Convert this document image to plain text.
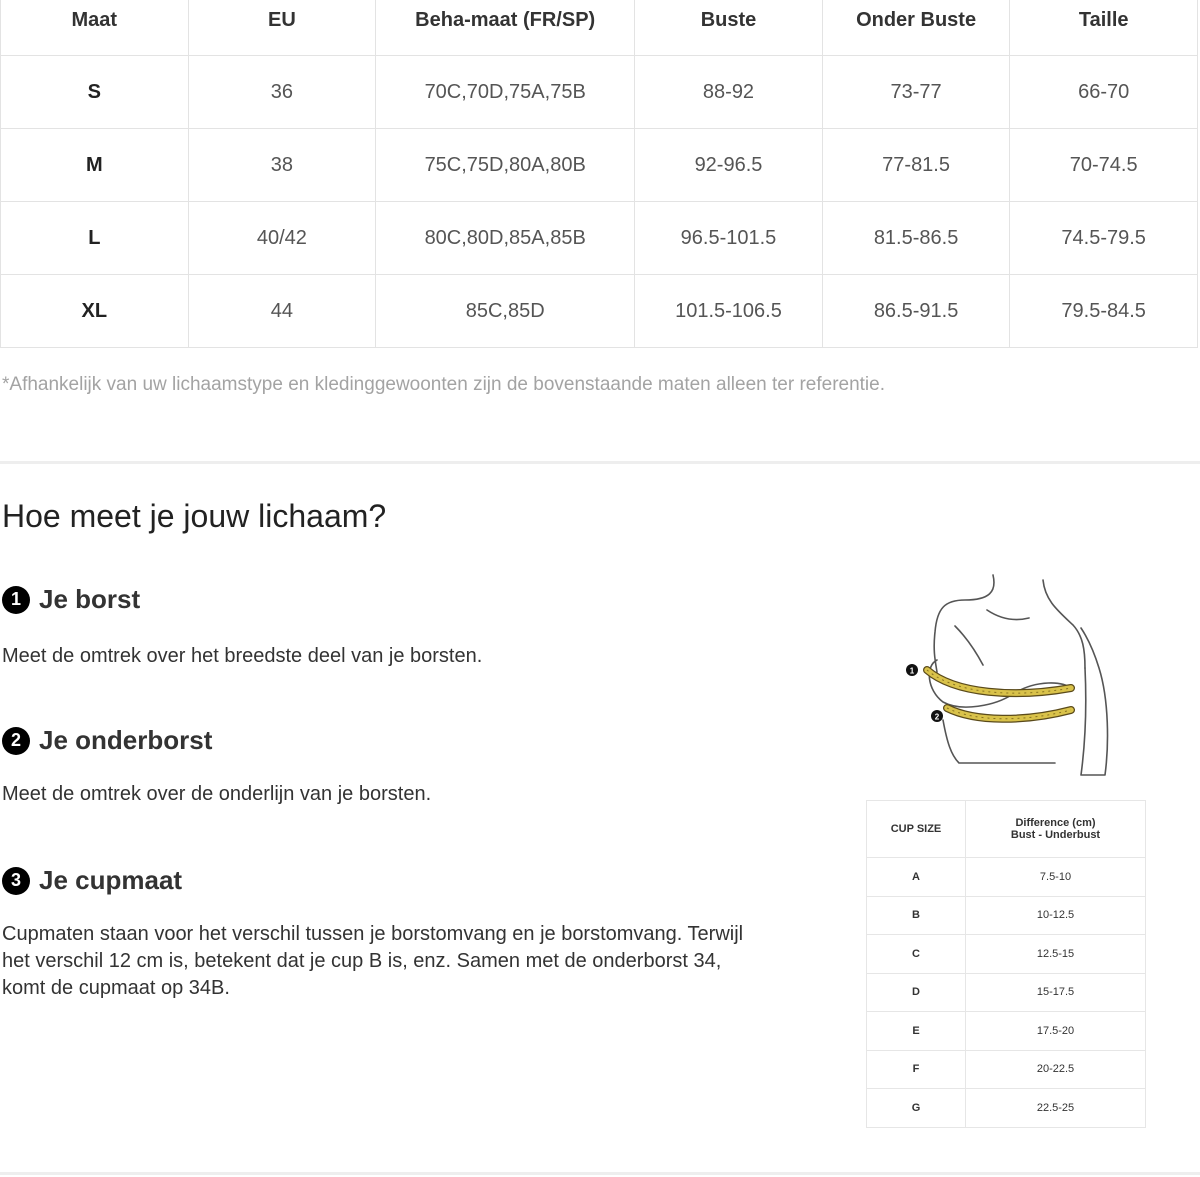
Maat	EU	Beha-maat (FR/SP)	Buste	Onder Buste	Taille
S	36	70C,70D,75A,75B	88-92	73-77	66-70
M	38	75C,75D,80A,80B	92-96.5	77-81.5	70-74.5
L	40/42	80C,80D,85A,85B	96.5-101.5	81.5-86.5	74.5-79.5
XL	44	85C,85D	101.5-106.5	86.5-91.5	79.5-84.5
*Afhankelijk van uw lichaamstype en kledinggewoonten zijn de bovenstaande maten alleen ter referentie.
Hoe meet je jouw lichaam?
1 Je borst
Meet de omtrek over het breedste deel van je borsten.
2 Je onderborst
Meet de omtrek over de onderlijn van je borsten.
3 Je cupmaat
Cupmaten staan voor het verschil tussen je borstomvang en je borstomvang. Terwijl het verschil 12 cm is, betekent dat je cup B is, enz. Samen met de onderborst 34, komt de cupmaat op 34B.
1
2
CUP SIZE	Difference (cm)
Bust - Underbust

A	7.5-10
B	10-12.5
C	12.5-15
D	15-17.5
E	17.5-20
F	20-22.5
G	22.5-25
